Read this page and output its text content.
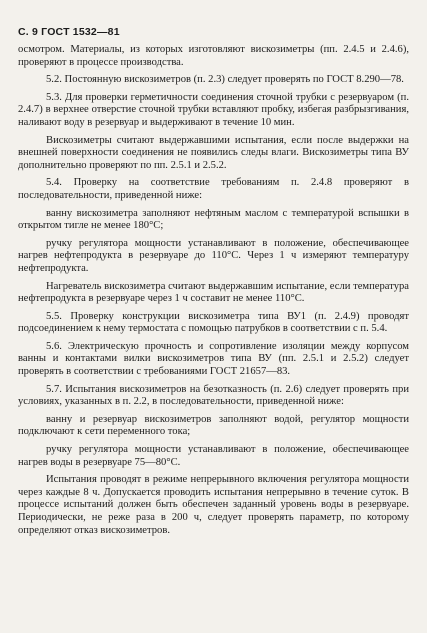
С. 9 ГОСТ 1532—81

осмотром. Материалы, из которых изготовляют вискозиметры (пп. 2.4.5 и 2.4.6), проверяют в процессе производства.

5.2. Постоянную вискозиметров (п. 2.3) следует проверять по ГОСТ 8.290—78.

5.3. Для проверки герметичности соединения сточной трубки с резервуаром (п. 2.4.7) в верхнее отверстие сточной трубки вставляют пробку, избегая разбрызгивания, наливают воду в резервуар и выдерживают в течение 10 мин.

Вискозиметры считают выдержавшими испытания, если после выдержки на внешней поверхности соединения не появились следы влаги. Вискозиметры типа ВУ дополнительно проверяют по пп. 2.5.1 и 2.5.2.

5.4. Проверку на соответствие требованиям п. 2.4.8 проверяют в последовательности, приведенной ниже:

ванну вискозиметра заполняют нефтяным маслом с температурой вспышки в открытом тигле не менее 180°С;

ручку регулятора мощности устанавливают в положение, обеспечивающее нагрев нефтепродукта в резервуаре до 110°С. Через 1 ч измеряют температуру нефтепродукта.

Нагреватель вискозиметра считают выдержавшим испытание, если температура нефтепродукта в резервуаре через 1 ч составит не менее 110°С.

5.5. Проверку конструкции вискозиметра типа ВУ1 (п. 2.4.9) проводят подсоединением к нему термостата с помощью патрубков в соответствии с п. 5.4.

5.6. Электрическую прочность и сопротивление изоляции между корпусом ванны и контактами вилки вискозиметров типа ВУ (пп. 2.5.1 и 2.5.2) следует проверять в соответствии с требованиями ГОСТ 21657—83.

5.7. Испытания вискозиметров на безотказность (п. 2.6) следует проверять при условиях, указанных в п. 2.2, в последовательности, приведенной ниже:

ванну и резервуар вискозиметров заполняют водой, регулятор мощности подключают к сети переменного тока;

ручку регулятора мощности устанавливают в положение, обеспечивающее нагрев воды в резервуаре 75—80°С.

Испытания проводят в режиме непрерывного включения регулятора мощности через каждые 8 ч. Допускается проводить испытания непрерывно в течение суток. В процессе испытаний должен быть обеспечен заданный уровень воды в резервуаре. Периодически, не реже раза в 200 ч, следует проверять параметр, по которому определяют отказ вискозиметров.
